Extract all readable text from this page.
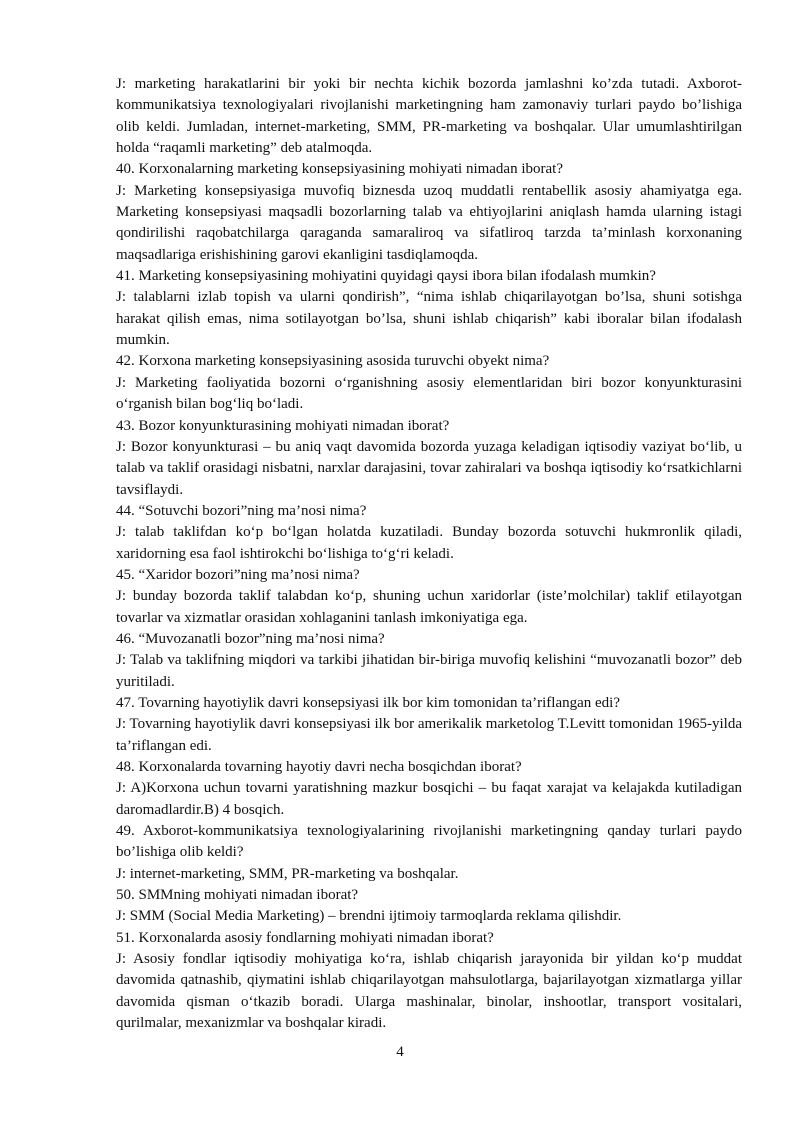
J: marketing harakatlarini bir yoki bir nechta kichik bozorda jamlashni ko’zda tutadi. Axborot-kommunikatsiya texnologiyalari rivojlanishi marketingning ham zamonaviy turlari paydo bo’lishiga olib keldi. Jumladan, internet-marketing, SMM, PR-marketing va boshqalar. Ular umumlashtirilgan holda “raqamli marketing” deb atalmoqda.

40. Korxonalarning marketing konsepsiyasining mohiyati nimadan iborat?

J: Marketing konsepsiyasiga muvofiq biznesda uzoq muddatli rentabellik asosiy ahamiyatga ega. Marketing konsepsiyasi maqsadli bozorlarning talab va ehtiyojlarini aniqlash hamda ularning istagi qondirilishi raqobatchilarga qaraganda samaraliroq va sifatliroq tarzda ta’minlash korxonaning maqsadlariga erishishining garovi ekanligini tasdiqlamoqda.

41. Marketing konsepsiyasining mohiyatini quyidagi qaysi ibora bilan ifodalash mumkin?

J: talablarni izlab topish va ularni qondirish”, “nima ishlab chiqarilayotgan bo’lsa, shuni sotishga harakat qilish emas, nima sotilayotgan bo’lsa, shuni ishlab chiqarish” kabi iboralar bilan ifodalash mumkin.

42. Korxona marketing konsepsiyasining asosida turuvchi obyekt nima?

J: Marketing faoliyatida bozorni o‘rganishning asosiy elementlaridan biri bozor konyunkturasini o‘rganish bilan bog‘liq bo‘ladi.

43. Bozor konyunkturasining mohiyati nimadan iborat?

J: Bozor konyunkturasi – bu aniq vaqt davomida bozorda yuzaga keladigan iqtisodiy vaziyat bo‘lib, u talab va taklif orasidagi nisbatni, narxlar darajasini, tovar zahiralari va boshqa iqtisodiy ko‘rsatkichlarni tavsiflaydi.

44. “Sotuvchi bozori”ning ma’nosi nima?

J: talab taklifdan ko‘p bo‘lgan holatda kuzatiladi. Bunday bozorda sotuvchi hukmronlik qiladi, xaridorning esa faol ishtirokchi bo‘lishiga to‘g‘ri keladi.

45. “Xaridor bozori”ning ma’nosi nima?

J: bunday bozorda taklif talabdan ko‘p, shuning uchun xaridorlar (iste’molchilar) taklif etilayotgan tovarlar va xizmatlar orasidan xohlaganini tanlash imkoniyatiga ega.

46. “Muvozanatli bozor”ning ma’nosi nima?

J: Talab va taklifning miqdori va tarkibi jihatidan bir-biriga muvofiq kelishini “muvozanatli bozor” deb yuritiladi.

47. Tovarning hayotiylik davri konsepsiyasi ilk bor kim tomonidan ta’riflangan edi?

J: Tovarning hayotiylik davri konsepsiyasi ilk bor amerikalik marketolog T.Levitt tomonidan 1965-yilda ta’riflangan edi.

48. Korxonalarda tovarning hayotiy davri necha bosqichdan iborat?

J: A)Korxona uchun tovarni yaratishning mazkur bosqichi – bu faqat xarajat va kelajakda kutiladigan daromadlardir.B) 4 bosqich.

49. Axborot-kommunikatsiya texnologiyalarining rivojlanishi marketingning qanday turlari paydo bo’lishiga olib keldi?

J: internet-marketing, SMM, PR-marketing va boshqalar.

50. SMMning mohiyati nimadan iborat?

J: SMM (Social Media Marketing) – brendni ijtimoiy tarmoqlarda reklama qilishdir.

51. Korxonalarda asosiy fondlarning mohiyati nimadan iborat?

J: Asosiy fondlar iqtisodiy mohiyatiga ko‘ra, ishlab chiqarish jarayonida bir yildan ko‘p muddat davomida qatnashib, qiymatini ishlab chiqarilayotgan mahsulotlarga, bajarilayotgan xizmatlarga yillar davomida qisman o‘tkazib boradi. Ularga mashinalar, binolar, inshootlar, transport vositalari, qurilmalar, mexanizmlar va boshqalar kiradi.

4
